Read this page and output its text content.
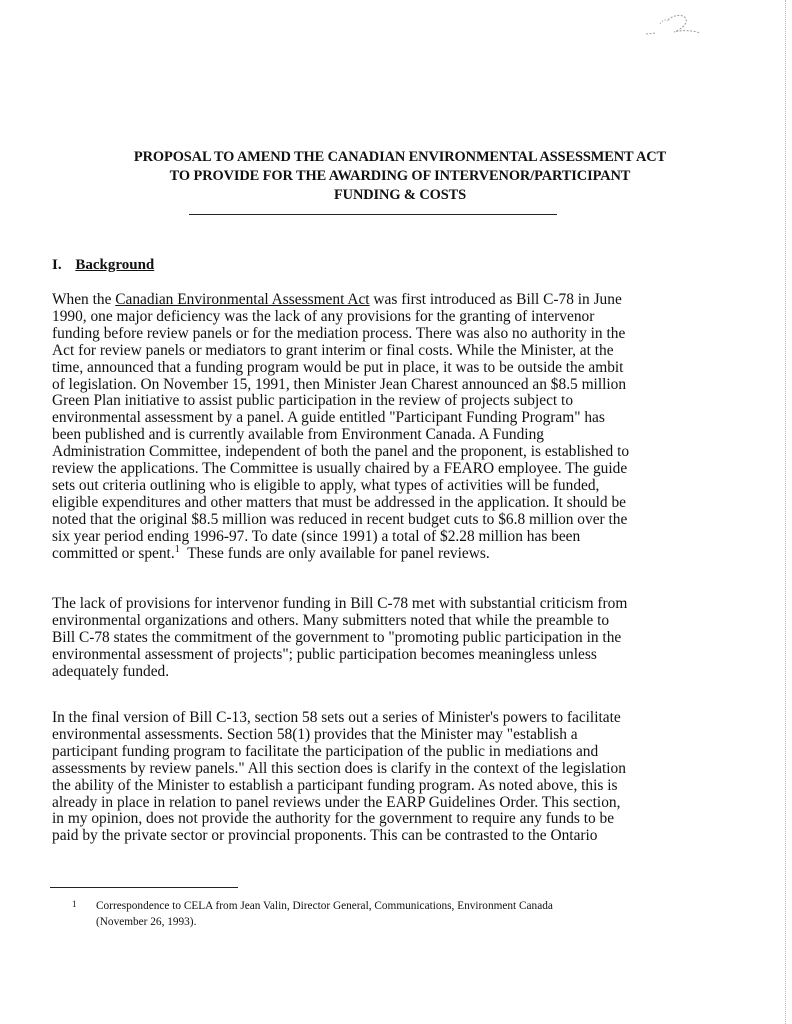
PROPOSAL TO AMEND THE CANADIAN ENVIRONMENTAL ASSESSMENT ACT
TO PROVIDE FOR THE AWARDING OF INTERVENOR/PARTICIPANT
FUNDING & COSTS
I. Background
When the Canadian Environmental Assessment Act was first introduced as Bill C-78 in June
1990, one major deficiency was the lack of any provisions for the granting of intervenor
funding before review panels or for the mediation process. There was also no authority in the
Act for review panels or mediators to grant interim or final costs. While the Minister, at the
time, announced that a funding program would be put in place, it was to be outside the ambit
of legislation. On November 15, 1991, then Minister Jean Charest announced an $8.5 million
Green Plan initiative to assist public participation in the review of projects subject to
environmental assessment by a panel. A guide entitled "Participant Funding Program" has
been published and is currently available from Environment Canada. A Funding
Administration Committee, independent of both the panel and the proponent, is established to
review the applications. The Committee is usually chaired by a FEARO employee. The guide
sets out criteria outlining who is eligible to apply, what types of activities will be funded,
eligible expenditures and other matters that must be addressed in the application. It should be
noted that the original $8.5 million was reduced in recent budget cuts to $6.8 million over the
six year period ending 1996-97. To date (since 1991) a total of $2.28 million has been
committed or spent.$^1$  These funds are only available for panel reviews.
The lack of provisions for intervenor funding in Bill C-78 met with substantial criticism from
environmental organizations and others. Many submitters noted that while the preamble to
Bill C-78 states the commitment of the government to "promoting public participation in the
environmental assessment of projects"; public participation becomes meaningless unless
adequately funded.
In the final version of Bill C-13, section 58 sets out a series of Minister's powers to facilitate
environmental assessments. Section 58(1) provides that the Minister may "establish a
participant funding program to facilitate the participation of the public in mediations and
assessments by review panels." All this section does is clarify in the context of the legislation
the ability of the Minister to establish a participant funding program. As noted above, this is
already in place in relation to panel reviews under the EARP Guidelines Order. This section,
in my opinion, does not provide the authority for the government to require any funds to be
paid by the private sector or provincial proponents. This can be contrasted to the Ontario
1 Correspondence to CELA from Jean Valin, Director General, Communications, Environment Canada
(November 26, 1993).
